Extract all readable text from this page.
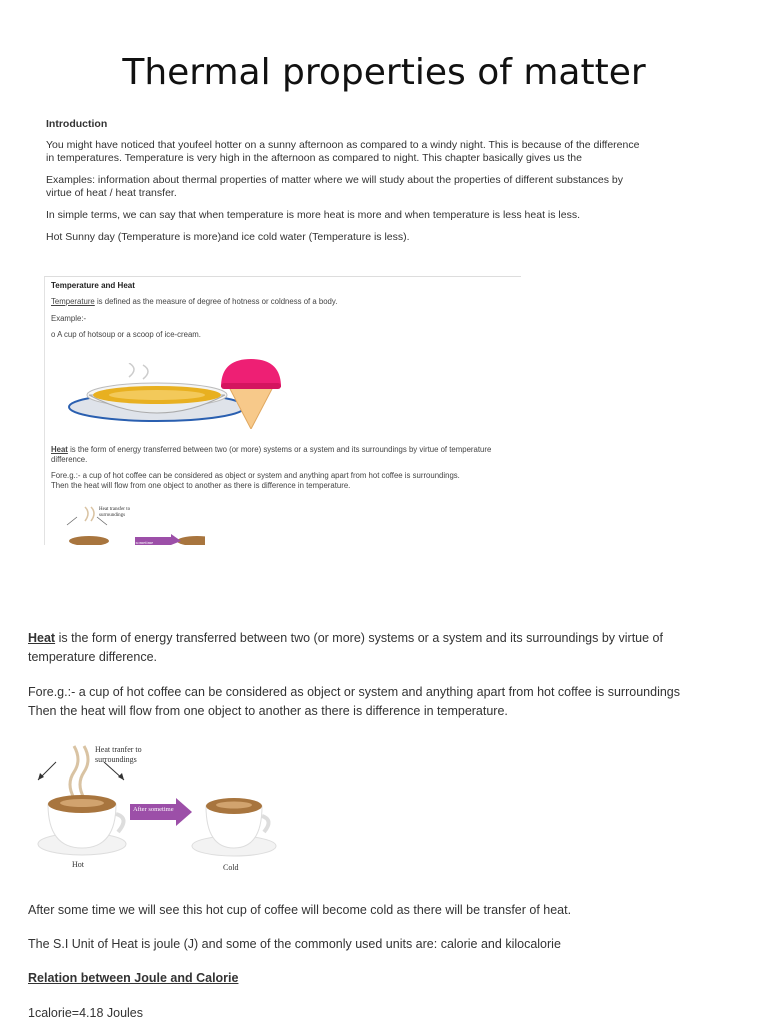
Thermal properties of matter
Introduction

You might have noticed that youfeel hotter on a sunny afternoon as compared to a windy night. This is because of the difference in temperatures. Temperature is very high in the afternoon as compared to night. This chapter basically gives us the

Examples: information about thermal properties of matter where we will study about the properties of different substances by virtue of heat / heat transfer.

In simple terms, we can say that when temperature is more heat is more and when temperature is less heat is less.

Hot Sunny day (Temperature is more)and ice cold water (Temperature is less).

Temperature and Heat

Temperature is defined as the measure of degree of hotness or coldness of a body.

Example:-

o A cup of hotsoup or a scoop of ice-cream.

Heat is the form of energy transferred between two (or more) systems or a system and its surroundings by virtue of temperature difference.

Fore.g.:- a cup of hot coffee can be considered as object or system and anything apart from hot coffee is surroundings.
Then the heat will flow from one object to another as there is difference in temperature.

Heat transfer to surroundings
After sometime

Heat is the form of energy transferred between two (or more) systems or a system and its surroundings by virtue of temperature difference.

Fore.g.:- a cup of hot coffee can be considered as object or system and anything apart from hot coffee is surroundings
Then the heat will flow from one object to another as there is difference in temperature.

Heat tranfer to
surroundings
After sometime
Hot	Cold

After some time we will see this hot cup of coffee will become cold as there will be transfer of heat.

The S.I Unit of Heat is joule (J) and some of the commonly used units are: calorie and kilocalorie

Relation between Joule and Calorie

1calorie=4.18 Joules
